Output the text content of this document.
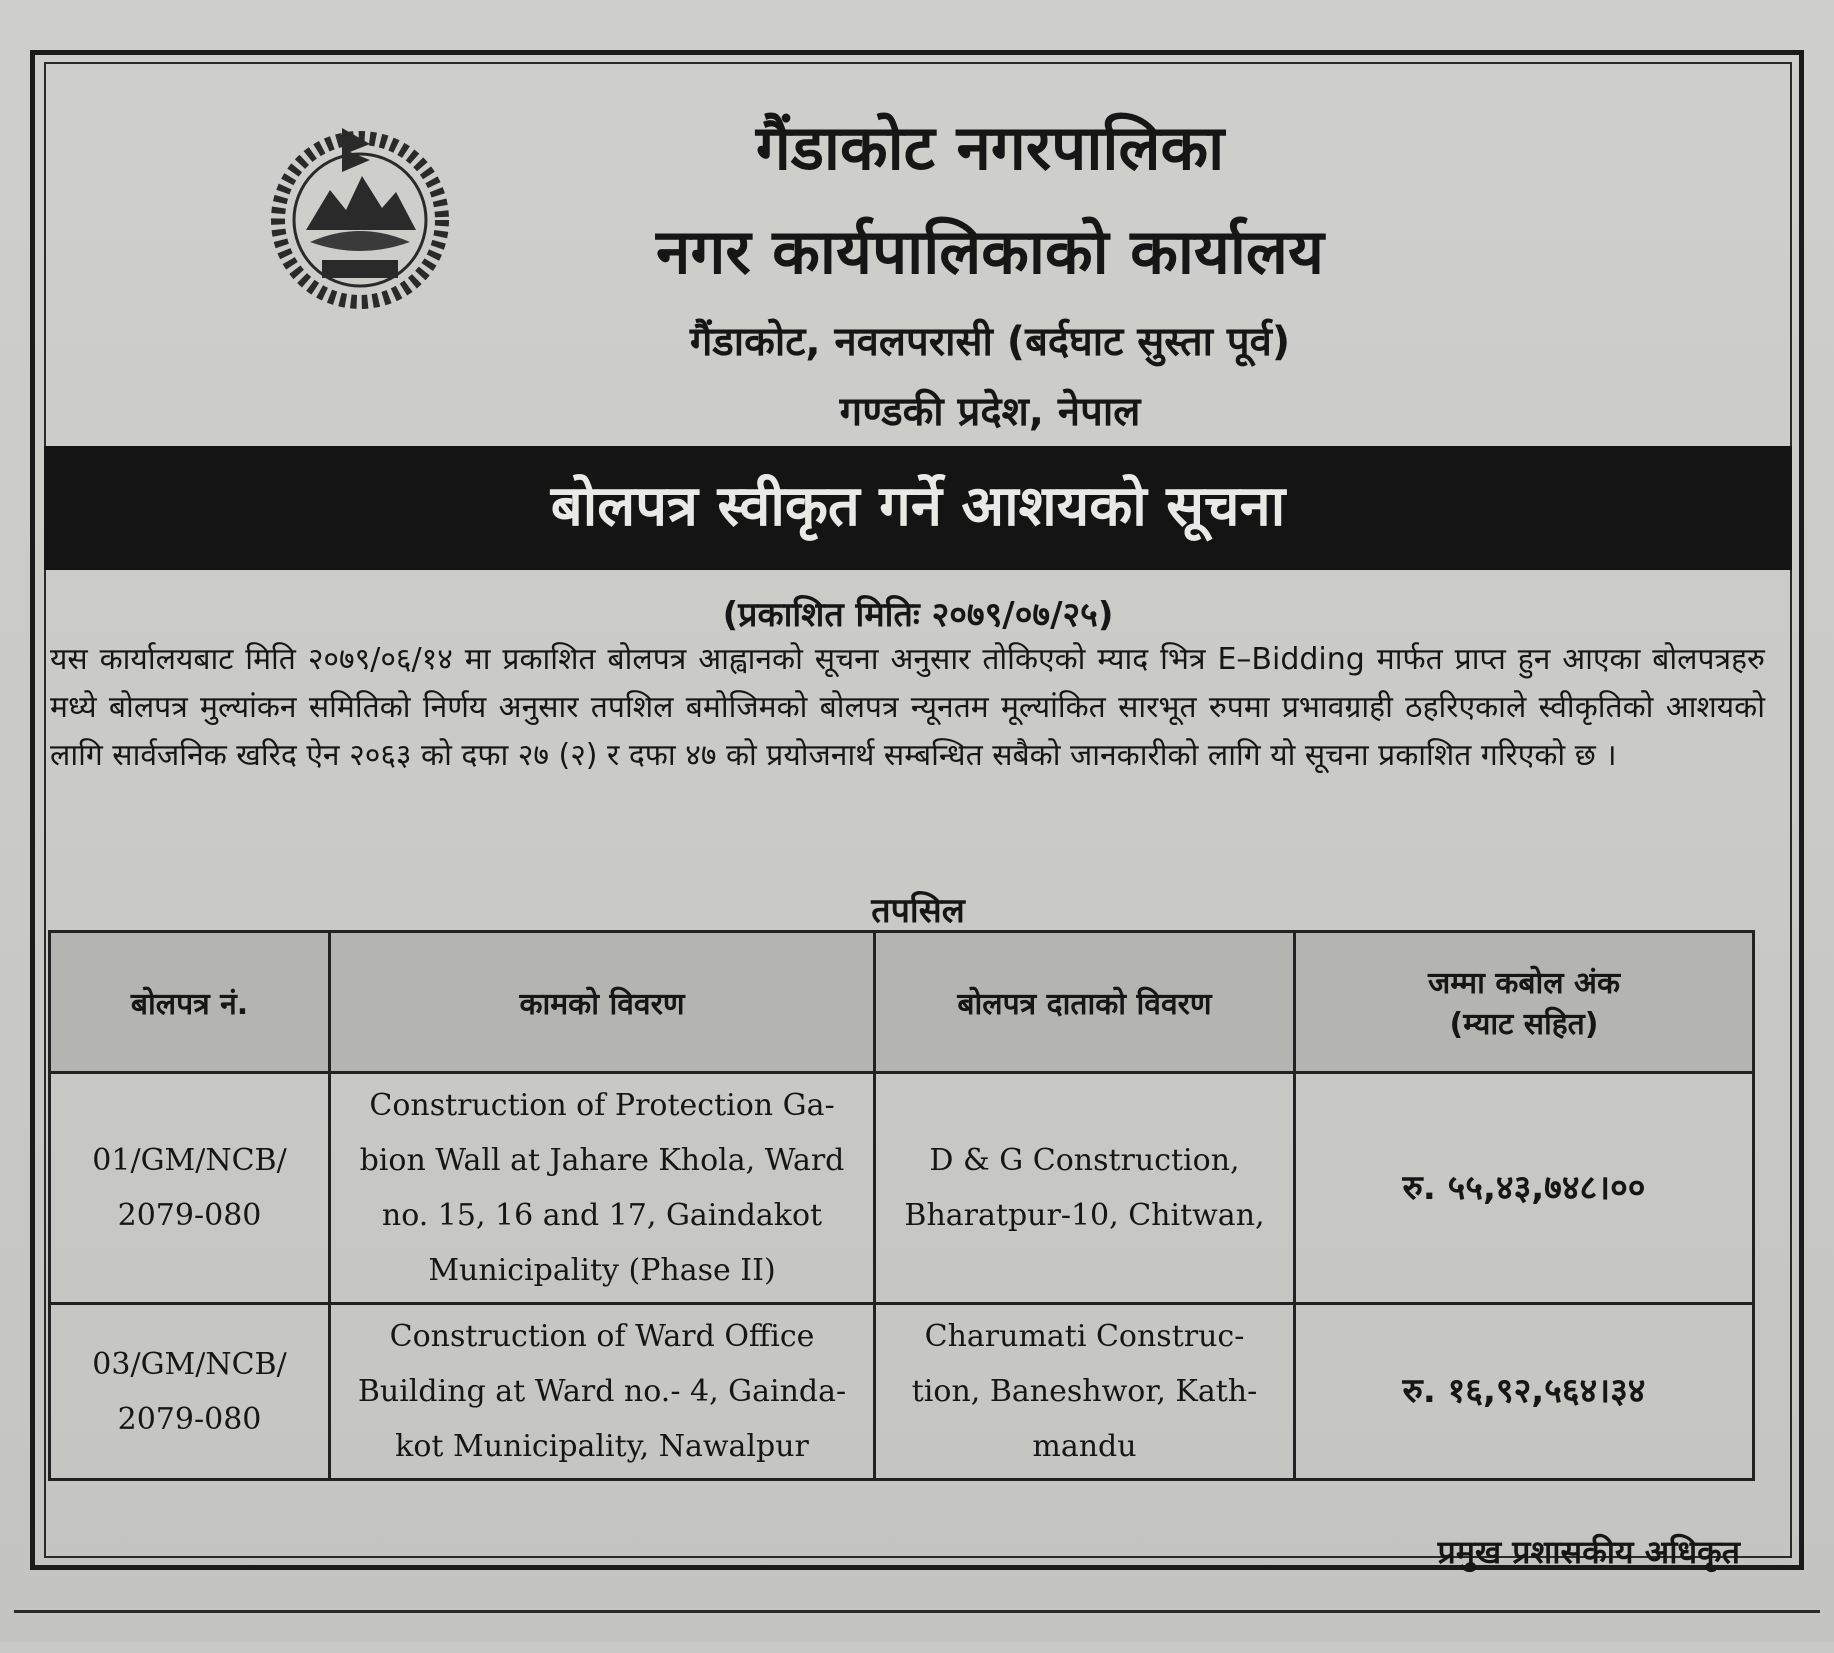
गैंडाकोट नगरपालिका
नगर कार्यपालिकाको कार्यालय
गैंडाकोट, नवलपरासी (बर्दघाट सुस्ता पूर्व)
गण्डकी प्रदेश, नेपाल
बोलपत्र स्वीकृत गर्ने आशयको सूचना
(प्रकाशित मितिः २०७९/०७/२५)
यस कार्यालयबाट मिति २०७९/०६/१४ मा प्रकाशित बोलपत्र आह्वानको सूचना अनुसार तोकिएको म्याद भित्र E–Bidding मार्फत प्राप्त हुन आएका बोलपत्रहरु मध्ये बोलपत्र मुल्यांकन समितिको निर्णय अनुसार तपशिल बमोजिमको बोलपत्र न्यूनतम मूल्यांकित सारभूत रुपमा प्रभावग्राही ठहरिएकाले स्वीकृतिको आशयको लागि सार्वजनिक खरिद ऐन २०६३ को दफा २७ (२) र दफा ४७ को प्रयोजनार्थ सम्बन्धित सबैको जानकारीको लागि यो सूचना प्रकाशित गरिएको छ ।
तपसिल
बोलपत्र नं.	कामको विवरण	बोलपत्र दाताको विवरण	जम्मा कबोल अंक
(म्याट सहित)

01/GM/NCB/ 2079-080	Construction of Protection Ga- bion Wall at Jahare Khola, Ward no. 15, 16 and 17, Gaindakot Municipality (Phase II)	D & G Construction, Bharatpur-10, Chitwan,	रु. ५५,४३,७४८।००
03/GM/NCB/ 2079-080	Construction of Ward Office Building at Ward no.- 4, Gainda- kot Municipality, Nawalpur	Charumati Construc- tion, Baneshwor, Kath- mandu	रु. १६,९२,५६४।३४
प्रमुख प्रशासकीय अधिकृत
